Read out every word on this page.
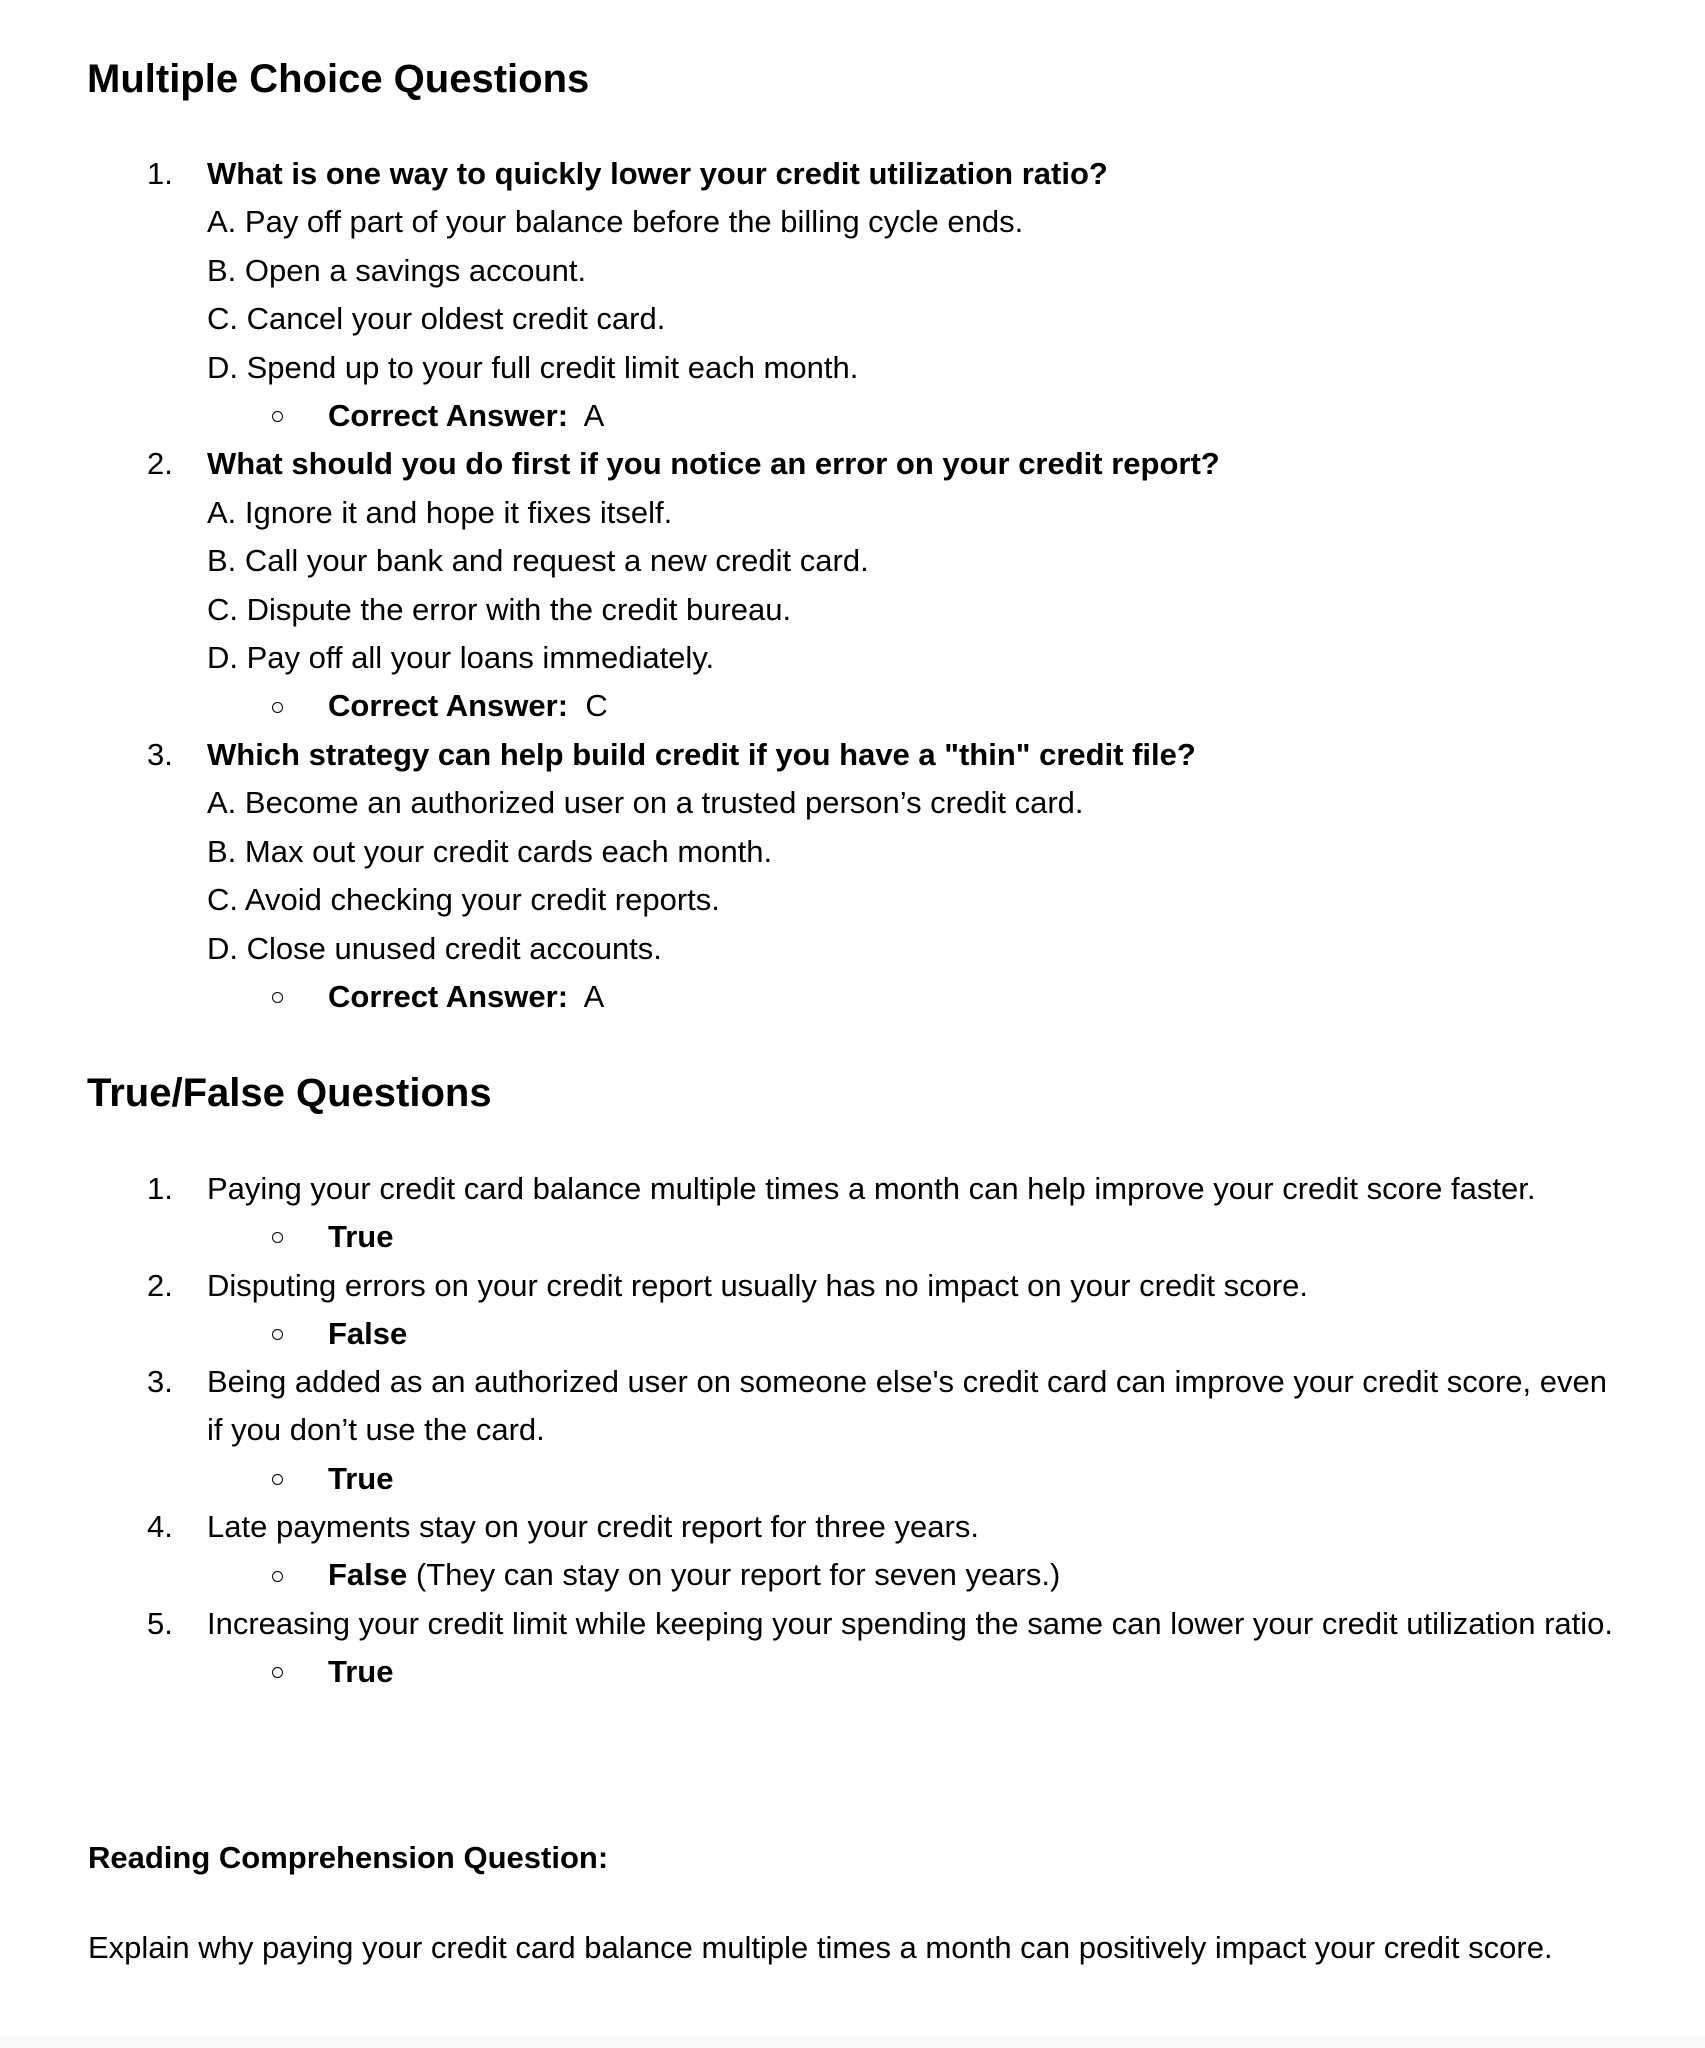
Multiple Choice Questions
1. What is one way to quickly lower your credit utilization ratio?
A. Pay off part of your balance before the billing cycle ends.
B. Open a savings account.
C. Cancel your oldest credit card.
D. Spend up to your full credit limit each month.
Correct Answer: A
2. What should you do first if you notice an error on your credit report?
A. Ignore it and hope it fixes itself.
B. Call your bank and request a new credit card.
C. Dispute the error with the credit bureau.
D. Pay off all your loans immediately.
Correct Answer: C
3. Which strategy can help build credit if you have a "thin" credit file?
A. Become an authorized user on a trusted person’s credit card.
B. Max out your credit cards each month.
C. Avoid checking your credit reports.
D. Close unused credit accounts.
Correct Answer: A
True/False Questions
1. Paying your credit card balance multiple times a month can help improve your credit score faster.
True
2. Disputing errors on your credit report usually has no impact on your credit score.
False
3. Being added as an authorized user on someone else's credit card can improve your credit score, even if you don’t use the card.
True
4. Late payments stay on your credit report for three years.
False (They can stay on your report for seven years.)
5. Increasing your credit limit while keeping your spending the same can lower your credit utilization ratio.
True
Reading Comprehension Question:

Explain why paying your credit card balance multiple times a month can positively impact your credit score.
